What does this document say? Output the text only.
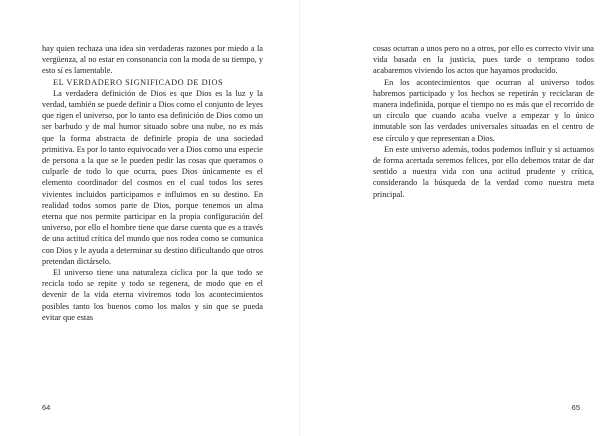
hay quien rechaza una idea sin verdaderas razones por miedo a la vergüenza, al no estar en consonancia con la moda de su tiempo, y esto sí es lamentable.

EL VERDADERO SIGNIFICADO DE DIOS

La verdadera definición de Dios es que Dios es la luz y la verdad, también se puede definir a Dios como el conjunto de leyes que rigen el universo, por lo tanto esa definición de Dios como un ser barbudo y de mal humor situado sobre una nube, no es más que la forma abstracta de definirle propia de una sociedad primitiva. Es por lo tanto equivocado ver a Dios como una especie de persona a la que se le pueden pedir las cosas que queramos o culparle de todo lo que ocurra, pues Dios únicamente es el elemento coordinador del cosmos en el cual todos los seres vivientes incluidos participamos e influimos en su destino. En realidad todos somos parte de Dios, porque tenemos un alma eterna que nos permite participar en la propia configuración del universo, por ello el hombre tiene que darse cuenta que es a través de una actitud crítica del mundo que nos rodea como se comunica con Dios y le ayuda a determinar su destino dificultando que otros pretendan dictárselo.

El universo tiene una naturaleza cíclica por la que todo se recicla todo se repite y todo se regenera, de modo que en el devenir de la vida eterna viviremos todo los acontecimientos posibles tanto los buenos como los malos y sin que se pueda evitar que estas

64

cosas ocurran a unos pero no a otros, por ello es correcto vivir una vida basada en la justicia, pues tarde o temprano todos acabaremos viviendo los actos que hayamos producido.

En los acontecimientos que ocurran al universo todos habremos participado y los hechos se repetirán y reciclaran de manera indefinida, porque el tiempo no es más que el recorrido de un círculo que cuando acaba vuelve a empezar y lo único inmutable son las verdades universales situadas en el centro de ese círculo y que representan a Dios.

En este universo además, todos podemos influir y si actuamos de forma acertada seremos felices, por ello debemos tratar de dar sentido a nuestra vida con una actitud prudente y crítica, considerando la búsqueda de la verdad como nuestra meta principal.

65
